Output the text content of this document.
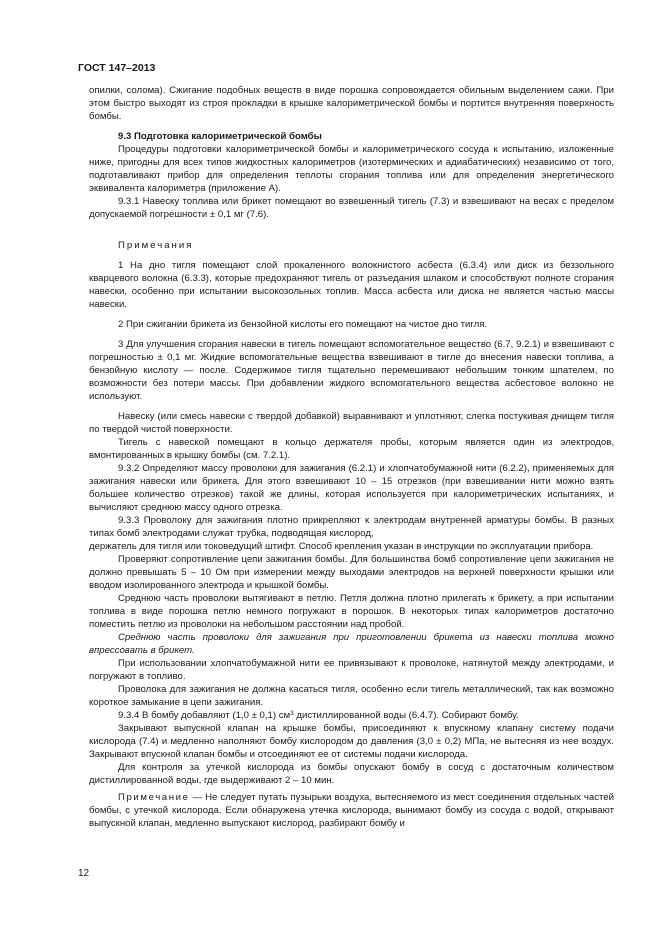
ГОСТ 147–2013

опилки, солома). Сжигание подобных веществ в виде порошка сопровождается обильным выделением сажи. При этом быстро выходят из строя прокладки в крышке калориметрической бомбы и портится внутренняя поверхность бомбы.

9.3 Подготовка калориметрической бомбы

Процедуры подготовки калориметрической бомбы и калориметрического сосуда к испытанию, изложенные ниже, пригодны для всех типов жидкостных калориметров (изотермических и адиабатических) независимо от того, подготавливают прибор для определения теплоты сгорания топлива или для определения энергетического эквивалента калориметра (приложение А).

9.3.1 Навеску топлива или брикет помещают во взвешенный тигель (7.3) и взвешивают на весах с пределом допускаемой погрешности ± 0,1 мг (7.6).

Примечания

1 На дно тигля помещают слой прокаленного волокнистого асбеста (6.3.4) или диск из беззольного кварцевого волокна (6.3.3), которые предохраняют тигель от разъедания шлаком и способствуют полноте сгорания навески, особенно при испытании высокозольных топлив. Масса асбеста или диска не является частью массы навески.

2 При сжигании брикета из бензойной кислоты его помещают на чистое дно тигля.

3 Для улучшения сгорания навески в тигель помещают вспомогательное вещество (6.7, 9.2.1) и взвешивают с погрешностью ± 0,1 мг. Жидкие вспомогательные вещества взвешивают в тигле до внесения навески топлива, а бензойную кислоту — после. Содержимое тигля тщательно перемешивают небольшим тонким шпателем, по возможности без потери массы. При добавлении жидкого вспомогательного вещества асбестовое волокно не используют.

Навеску (или смесь навески с твердой добавкой) выравнивают и уплотняют, слегка постукивая днищем тигля по твердой чистой поверхности.

Тигель с навеской помещают в кольцо держателя пробы, которым является один из электродов, вмонтированных в крышку бомбы (см. 7.2.1).

9.3.2 Определяют массу проволоки для зажигания (6.2.1) и хлопчатобумажной нити (6.2.2), применяемых для зажигания навески или брикета. Для этого взвешивают 10 – 15 отрезков (при взвешивании нити можно взять большее количество отрезков) такой же длины, которая используется при калориметрических испытаниях, и вычисляют среднюю массу одного отрезка.

9.3.3 Проволоку для зажигания плотно прикрепляют к электродам внутренней арматуры бомбы. В разных типах бомб электродами служат трубка, подводящая кислород,

держатель для тигля или токоведущий штифт. Способ крепления указан в инструкции по эксплуатации прибора.

Проверяют сопротивление цепи зажигания бомбы. Для большинства бомб сопротивление цепи зажигания не должно превышать 5 – 10 Ом при измерении между выходами электродов на верхней поверхности крышки или вводом изолированного электрода и крышкой бомбы.

Среднюю часть проволоки вытягивают в петлю. Петля должна плотно прилегать к брикету, а при испытании топлива в виде порошка петлю немного погружают в порошок. В некоторых типах калориметров достаточно поместить петлю из проволоки на небольшом расстоянии над пробой.

Среднюю часть проволоки для зажигания при приготовлении брикета из навески топлива можно впрессовать в брикет.

При использовании хлопчатобумажной нити ее привязывают к проволоке, натянутой между электродами, и погружают в топливо.

Проволока для зажигания не должна касаться тигля, особенно если тигель металлический, так как возможно короткое замыкание в цепи зажигания.

9.3.4 В бомбу добавляют (1,0 ± 0,1) $см^3$ дистиллированной воды (6.4.7). Собирают бомбу.

Закрывают выпускной клапан на крышке бомбы, присоединяют к впускному клапану систему подачи кислорода (7.4) и медленно наполняют бомбу кислородом до давления (3,0 ± 0,2) МПа, не вытесняя из нее воздух. Закрывают впускной клапан бомбы и отсоединяют ее от системы подачи кислорода.

Для контроля за утечкой кислорода из бомбы опускают бомбу в сосуд с достаточным количеством дистиллированной воды, где выдерживают 2 – 10 мин.

Примечание — Не следует путать пузырьки воздуха, вытесняемого из мест соединения отдельных частей бомбы, с утечкой кислорода. Если обнаружена утечка кислорода, вынимают бомбу из сосуда с водой, открывают выпускной клапан, медленно выпускают кислород, разбирают бомбу и

12
